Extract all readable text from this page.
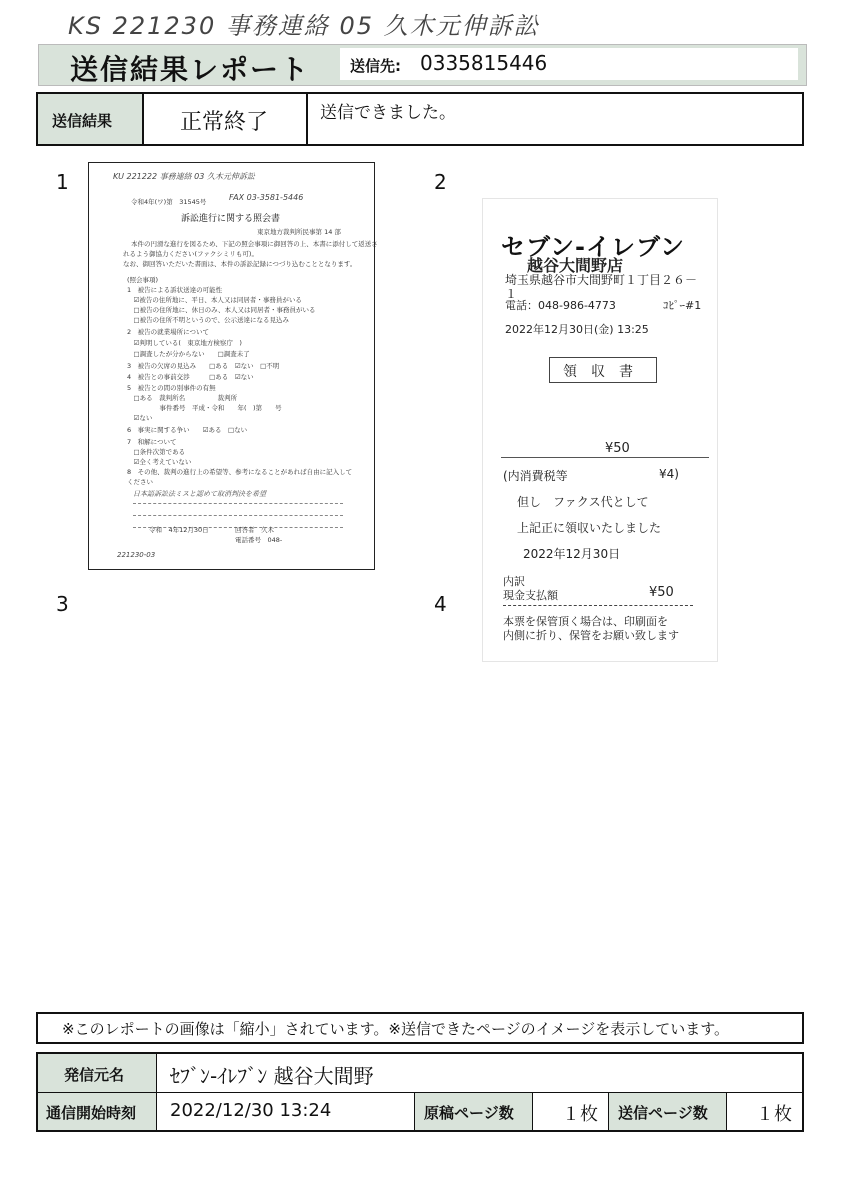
KS 221230 事務連絡 05 久木元伸訴訟
送信結果レポート	送信先: 0335815446
送信結果	正常終了	送信できました。
1	2
3	4
KU 221222 事務連絡 03 久木元伸訴訟
令和4年(ワ)第　31545号	FAX 03-3581-5446
訴訟進行に関する照会書
東京地方裁判所民事第 14 部
本件の円滑な進行を図るため、下記の照会事項に御回答の上、本書に添付して返送さ
れるよう御協力ください(ファクシミリも可)。
なお、御回答いただいた書面は、本件の訴訟記録につづり込むこととなります。
(照会事項)
1　被告による訴状送達の可能性
　☑被告の住所地に、平日、本人又は同居者・事務員がいる
　□被告の住所地に、休日のみ、本人又は同居者・事務員がいる
　□被告の住所不明というので、公示送達になる見込み
2　被告の就業場所について
　☑判明している(　東京地方検察庁　)
　□調査したが分からない　　□調査未了
3　被告の欠席の見込み　　□ある　☑ない　□不明
4　被告との事前交渉　　　□ある　☑ない
5　被告との間の別事件の有無
　□ある　裁判所名　　　　　裁判所
　　　　　事件番号　平成・令和　　年(　)第　　号
　☑ない
6　事実に関する争い　　☑ある　□ない
7　和解について
　□条件次第である
　☑全く考えていない
8　その他、裁判の進行上の希望等、参考になることがあれば自由に記入して
ください
日本語訴訟法ミスと認めて取消判決を希望
令和　4年12月30日	回答者　久木
電話番号　048-
221230-03
セブン-イレブン
越谷大間野店
埼玉県越谷市大間野町１丁目２６－
１
電話：048-986-4773	ｺﾋﾟｰ#1
2022年12月30日(金) 13:25
領　収　書
¥50
(内消費税等	¥4)
但し　ファクス代として
上記正に領収いたしました
2022年12月30日
内訳
現金支払額	¥50
本票を保管頂く場合は、印刷面を
内側に折り、保管をお願い致します
※このレポートの画像は「縮小」されています。※送信できたページのイメージを表示しています。
発信元名 ｾﾌﾞﾝ-ｲﾚﾌﾞﾝ 越谷大間野
通信開始時刻 2022/12/30 13:24	原稿ページ数	１枚 送信ページ数	１枚
